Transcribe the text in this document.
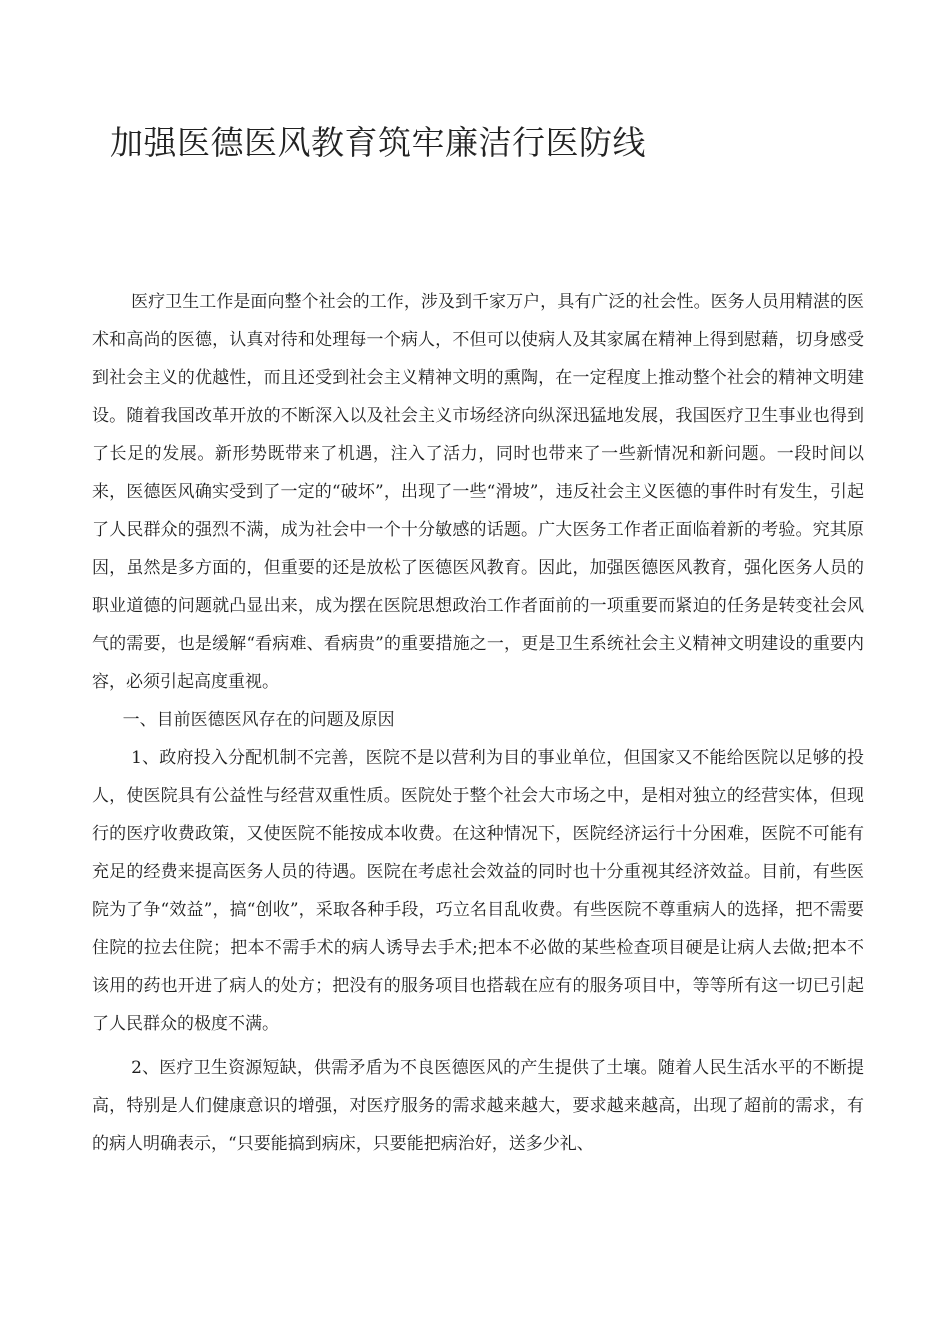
加强医德医风教育筑牢廉洁行医防线

医疗卫生工作是面向整个社会的工作，涉及到千家万户，具有广泛的社会性。医务人员用精湛的医术和高尚的医德，认真对待和处理每一个病人，不但可以使病人及其家属在精神上得到慰藉，切身感受到社会主义的优越性，而且还受到社会主义精神文明的熏陶，在一定程度上推动整个社会的精神文明建设。随着我国改革开放的不断深入以及社会主义市场经济向纵深迅猛地发展，我国医疗卫生事业也得到了长足的发展。新形势既带来了机遇，注入了活力，同时也带来了一些新情况和新问题。一段时间以来，医德医风确实受到了一定的“破坏”，出现了一些“滑坡”，违反社会主义医德的事件时有发生，引起了人民群众的强烈不满，成为社会中一个十分敏感的话题。广大医务工作者正面临着新的考验。究其原因，虽然是多方面的，但重要的还是放松了医德医风教育。因此，加强医德医风教育，强化医务人员的职业道德的问题就凸显出来，成为摆在医院思想政治工作者面前的一项重要而紧迫的任务是转变社会风气的需要，也是缓解“看病难、看病贵”的重要措施之一，更是卫生系统社会主义精神文明建设的重要内容，必须引起高度重视。

一、目前医德医风存在的问题及原因

1、政府投入分配机制不完善，医院不是以营利为目的事业单位，但国家又不能给医院以足够的投人，使医院具有公益性与经营双重性质。医院处于整个社会大市场之中，是相对独立的经营实体，但现行的医疗收费政策，又使医院不能按成本收费。在这种情况下，医院经济运行十分困难，医院不可能有充足的经费来提高医务人员的待遇。医院在考虑社会效益的同时也十分重视其经济效益。目前，有些医院为了争“效益”，搞“创收”，采取各种手段，巧立名目乱收费。有些医院不尊重病人的选择，把不需要住院的拉去住院；把本不需手术的病人诱导去手术;把本不必做的某些检查项目硬是让病人去做;把本不该用的药也开进了病人的处方；把没有的服务项目也搭载在应有的服务项目中，等等所有这一切已引起了人民群众的极度不满。

2、医疗卫生资源短缺，供需矛盾为不良医德医风的产生提供了土壤。随着人民生活水平的不断提高，特别是人们健康意识的增强，对医疗服务的需求越来越大，要求越来越高，出现了超前的需求，有的病人明确表示，“只要能搞到病床，只要能把病治好，送多少礼、
